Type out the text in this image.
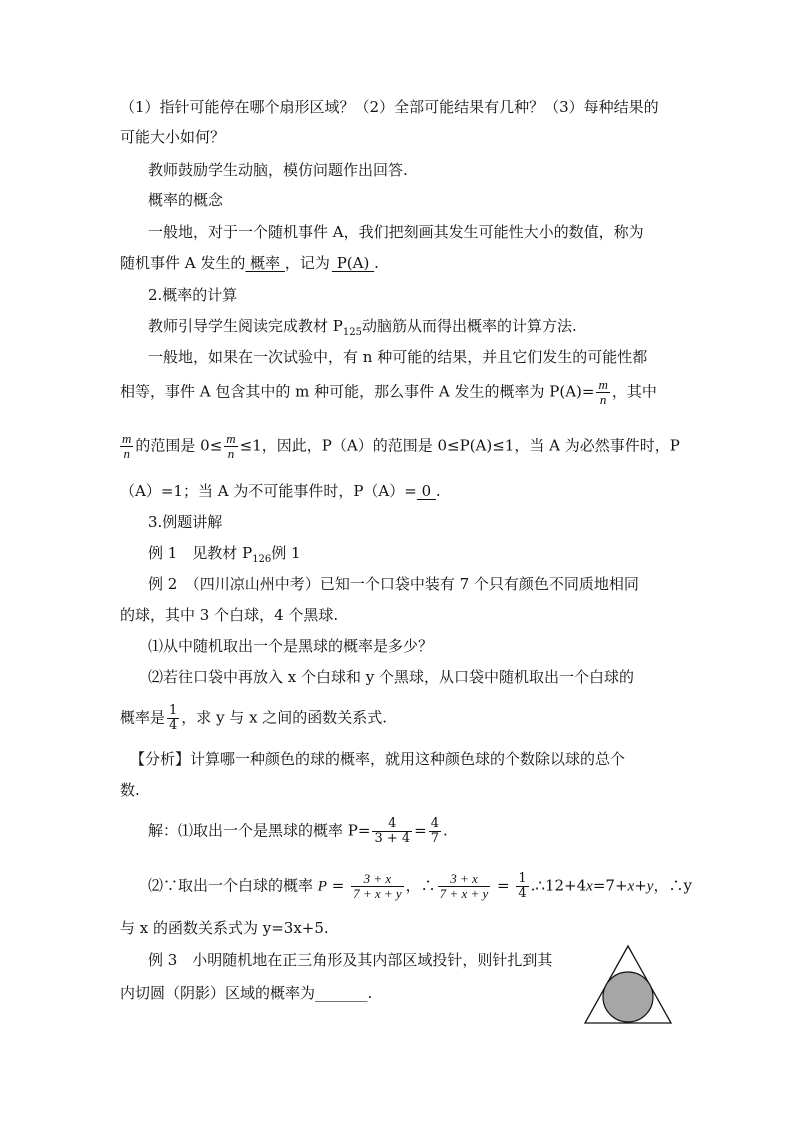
（1）指针可能停在哪个扇形区域？（2）全部可能结果有几种？（3）每种结果的
可能大小如何？
教师鼓励学生动脑，模仿问题作出回答.
概率的概念
一般地，对于一个随机事件 A，我们把刻画其发生可能性大小的数值，称为
随机事件 A 发生的 概率 ，记为 P(A) .
2.概率的计算
教师引导学生阅读完成教材 $P_{125}$动脑筋从而得出概率的计算方法.
一般地，如果在一次试验中，有 n 种可能的结果，并且它们发生的可能性都
相等，事件 A 包含其中的 m 种可能，那么事件 A 发生的概率为 $P(A)= \frac{m}{n}$ ，其中
$\frac{m}{n}$ 的范围是 $0\le \frac{m}{n} \le 1$，因此，P（A）的范围是 0≤P(A)≤1，当 A 为必然事件时，P
（A）=1；当 A 为不可能事件时，P（A）= 0 .
3.例题讲解
例 1　见教材 $P_{126}$例 1
例 2　（四川凉山州中考）已知一个口袋中装有 7 个只有颜色不同质地相同
的球，其中 3 个白球，4 个黑球.
⑴从中随机取出一个是黑球的概率是多少？
⑵若往口袋中再放入 x 个白球和 y 个黑球，从口袋中随机取出一个白球的
概率是 $\frac{1}{4}$ ，求 y 与 x 之间的函数关系式.
【分析】计算哪一种颜色的球的概率，就用这种颜色球的个数除以球的总个
数.
解：⑴取出一个是黑球的概率 $P= \frac{4}{3 + 4} = \frac{4}{7}$ .
⑵∵取出一个白球的概率 $P = \frac{3 + x}{7 + x + y}$ ，∴ $\frac{3 + x}{7 + x + y} = \frac{1}{4}$ .∴12+4x=7+x+y，∴y
与 x 的函数关系式为 y=3x+5.
例 3　小明随机地在正三角形及其内部区域投针，则针扎到其
内切圆（阴影）区域的概率为_______.
